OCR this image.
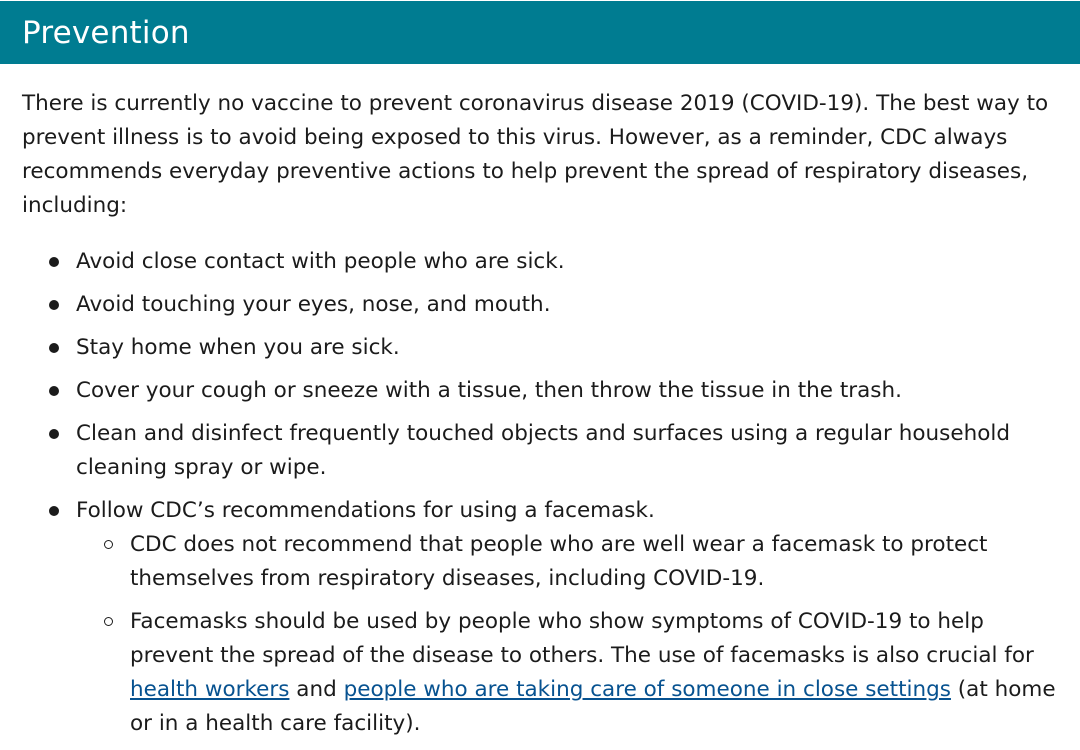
Prevention

There is currently no vaccine to prevent coronavirus disease 2019 (COVID-19). The best way to prevent illness is to avoid being exposed to this virus. However, as a reminder, CDC always recommends everyday preventive actions to help prevent the spread of respiratory diseases, including:

Avoid close contact with people who are sick.
Avoid touching your eyes, nose, and mouth.
Stay home when you are sick.
Cover your cough or sneeze with a tissue, then throw the tissue in the trash.
Clean and disinfect frequently touched objects and surfaces using a regular household cleaning spray or wipe.
Follow CDC’s recommendations for using a facemask.
CDC does not recommend that people who are well wear a facemask to protect themselves from respiratory diseases, including COVID-19.
Facemasks should be used by people who show symptoms of COVID-19 to help prevent the spread of the disease to others. The use of facemasks is also crucial for health workers and people who are taking care of someone in close settings (at home or in a health care facility).
